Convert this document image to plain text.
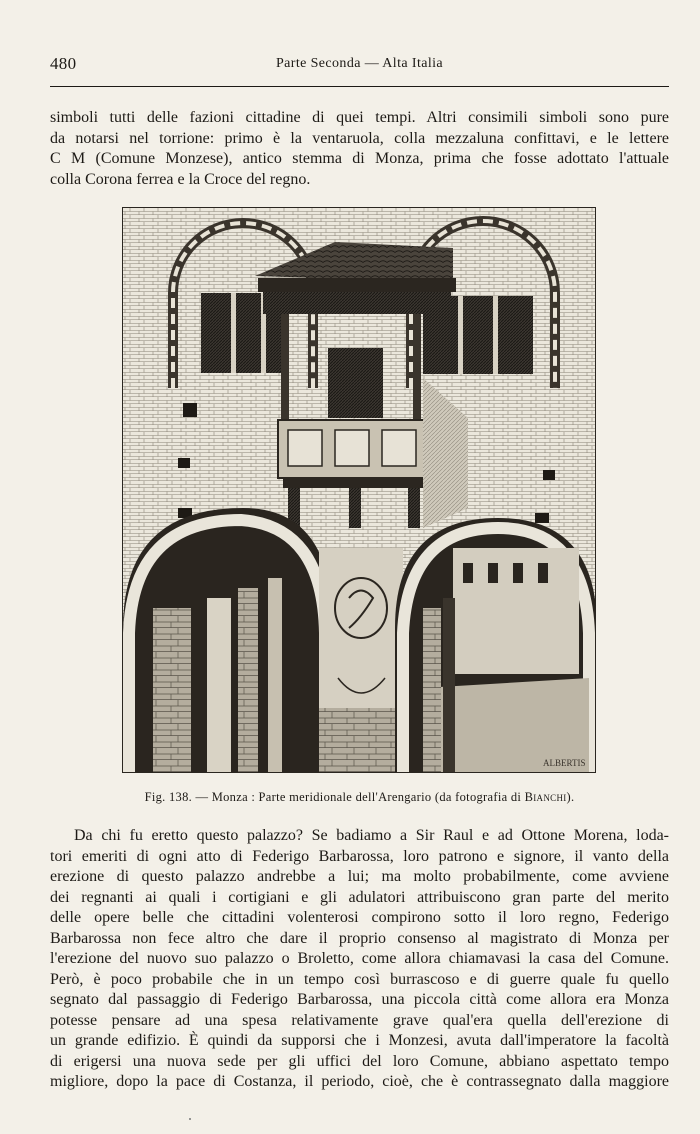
480	Parte Seconda — Alta Italia
simboli tutti delle fazioni cittadine di quei tempi. Altri consimili simboli sono pure
da notarsi nel torrione: primo è la ventaruola, colla mezzaluna confittavi, e le lettere
C M (Comune Monzese), antico stemma di Monza, prima che fosse adottato l'attuale
colla Corona ferrea e la Croce del regno.
ALBERTIS
Fig. 138. — Monza : Parte meridionale dell'Arengario (da fotografia di Bianchi).
Da chi fu eretto questo palazzo? Se badiamo a Sir Raul e ad Ottone Morena, loda-
tori emeriti di ogni atto di Federigo Barbarossa, loro patrono e signore, il vanto della
erezione di questo palazzo andrebbe a lui; ma molto probabilmente, come avviene
dei regnanti ai quali i cortigiani e gli adulatori attribuiscono gran parte del merito
delle opere belle che cittadini volenterosi compirono sotto il loro regno, Federigo
Barbarossa non fece altro che dare il proprio consenso al magistrato di Monza per
l'erezione del nuovo suo palazzo o Broletto, come allora chiamavasi la casa del Comune.
Però, è poco probabile che in un tempo così burrascoso e di guerre quale fu quello
segnato dal passaggio di Federigo Barbarossa, una piccola città come allora era Monza
potesse pensare ad una spesa relativamente grave qual'era quella dell'erezione di
un grande edifizio. È quindi da supporsi che i Monzesi, avuta dall'imperatore la facoltà
di erigersi una nuova sede per gli uffici del loro Comune, abbiano aspettato tempo
migliore, dopo la pace di Costanza, il periodo, cioè, che è contrassegnato dalla maggiore
